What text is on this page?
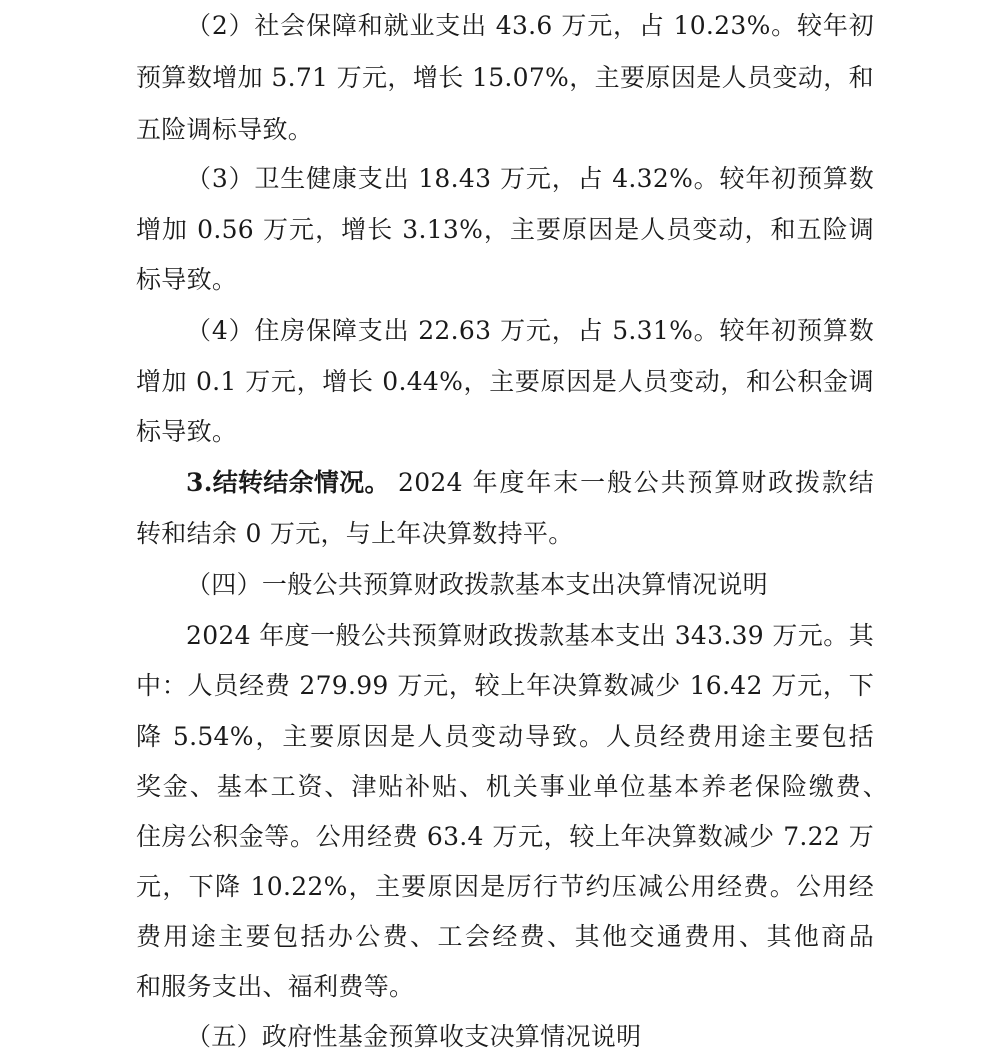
（2）社会保障和就业支出 43.6 万元，占 10.23%。较年初
预算数增加 5.71 万元，增长 15.07%，主要原因是人员变动，和
五险调标导致。
（3）卫生健康支出 18.43 万元，占 4.32%。较年初预算数
增加 0.56 万元，增长 3.13%，主要原因是人员变动，和五险调
标导致。
（4）住房保障支出 22.63 万元，占 5.31%。较年初预算数
增加 0.1 万元，增长 0.44%，主要原因是人员变动，和公积金调
标导致。
3.结转结余情况。 2024 年度年末一般公共预算财政拨款结
转和结余 0 万元，与上年决算数持平。
（四）一般公共预算财政拨款基本支出决算情况说明
2024 年度一般公共预算财政拨款基本支出 343.39 万元。其
中：人员经费 279.99 万元，较上年决算数减少 16.42 万元，下
降 5.54%，主要原因是人员变动导致。人员经费用途主要包括
奖金、基本工资、津贴补贴、机关事业单位基本养老保险缴费、
住房公积金等。公用经费 63.4 万元，较上年决算数减少 7.22 万
元，下降 10.22%，主要原因是厉行节约压减公用经费。公用经
费用途主要包括办公费、工会经费、其他交通费用、其他商品
和服务支出、福利费等。
（五）政府性基金预算收支决算情况说明
